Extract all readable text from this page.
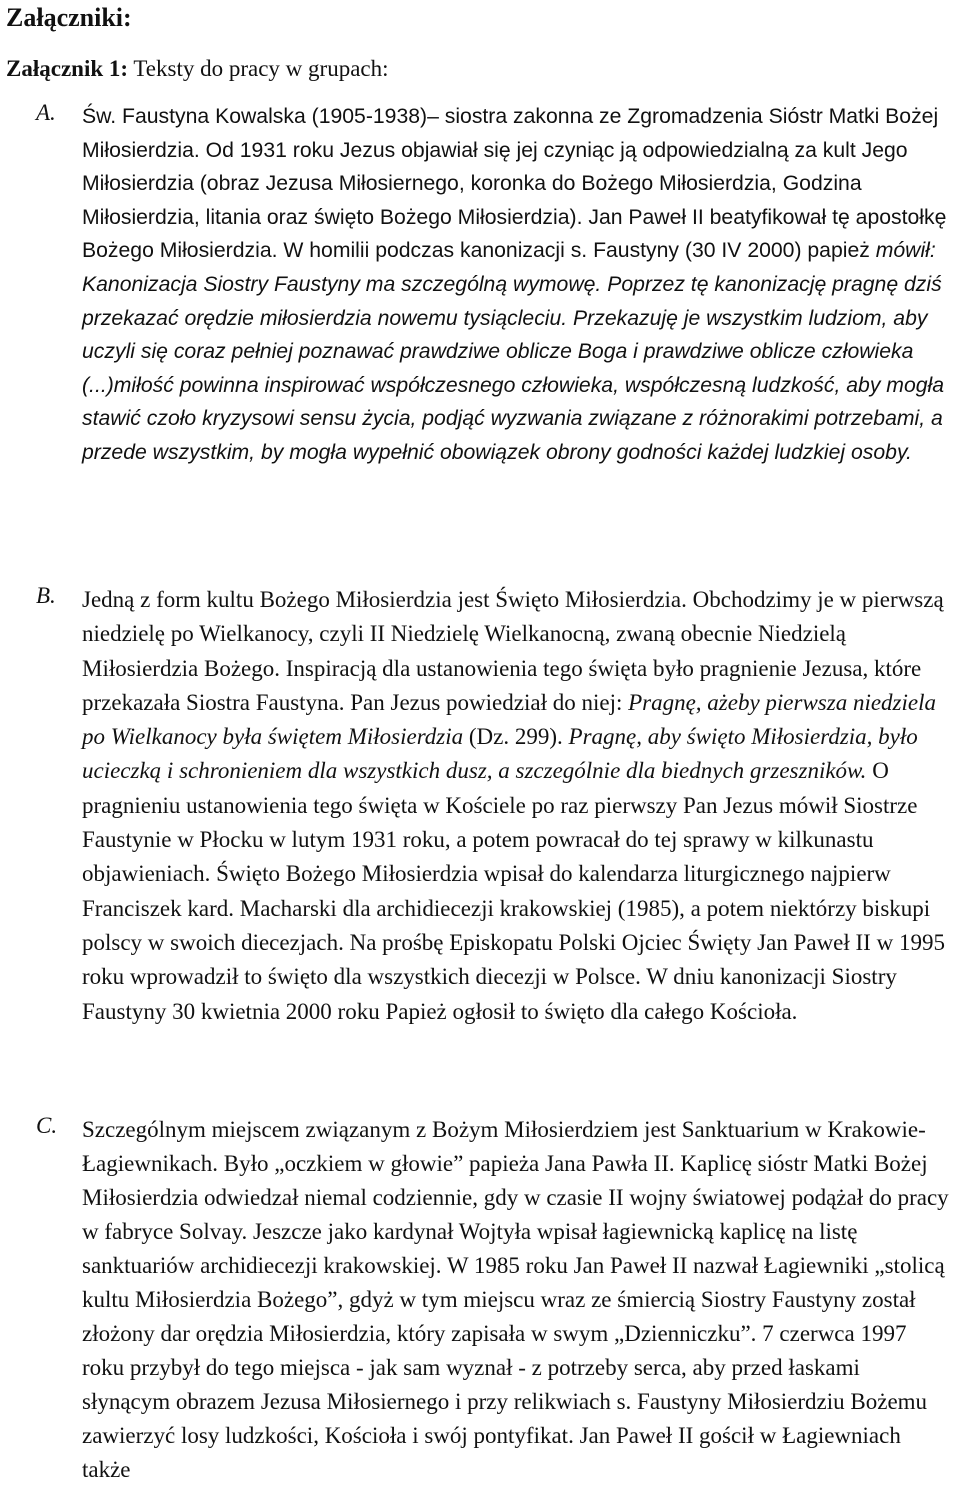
Załączniki:

Załącznik 1: Teksty do pracy w grupach:

A. Św. Faustyna Kowalska (1905-1938)– siostra zakonna ze Zgromadzenia Sióstr Matki Bożej Miłosierdzia. Od 1931 roku Jezus objawiał się jej czyniąc ją odpowiedzialną za kult Jego Miłosierdzia (obraz Jezusa Miłosiernego, koronka do Bożego Miłosierdzia, Godzina Miłosierdzia, litania oraz święto Bożego Miłosierdzia). Jan Paweł II beatyfikował tę apostołkę Bożego Miłosierdzia. W homilii podczas kanonizacji s. Faustyny (30 IV 2000) papież mówił: Kanonizacja Siostry Faustyny ma szczególną wymowę. Poprzez tę kanonizację pragnę dziś przekazać orędzie miłosierdzia nowemu tysiącleciu. Przekazuję je wszystkim ludziom, aby uczyli się coraz pełniej poznawać prawdziwe oblicze Boga i prawdziwe oblicze człowieka (...)miłość powinna inspirować współczesnego człowieka, współczesną ludzkość, aby mogła stawić czoło kryzysowi sensu życia, podjąć wyzwania związane z różnorakimi potrzebami, a przede wszystkim, by mogła wypełnić obowiązek obrony godności każdej ludzkiej osoby.
B. Jedną z form kultu Bożego Miłosierdzia jest Święto Miłosierdzia. Obchodzimy je w pierwszą niedzielę po Wielkanocy, czyli II Niedzielę Wielkanocną, zwaną obecnie Niedzielą Miłosierdzia Bożego. Inspiracją dla ustanowienia tego święta było pragnienie Jezusa, które przekazała Siostra Faustyna. Pan Jezus powiedział do niej: Pragnę, ażeby pierwsza niedziela po Wielkanocy była świętem Miłosierdzia (Dz. 299). Pragnę, aby święto Miłosierdzia, było ucieczką i schronieniem dla wszystkich dusz, a szczególnie dla biednych grzeszników. O pragnieniu ustanowienia tego święta w Kościele po raz pierwszy Pan Jezus mówił Siostrze Faustynie w Płocku w lutym 1931 roku, a potem powracał do tej sprawy w kilkunastu objawieniach. Święto Bożego Miłosierdzia wpisał do kalendarza liturgicznego najpierw Franciszek kard. Macharski dla archidiecezji krakowskiej (1985), a potem niektórzy biskupi polscy w swoich diecezjach. Na prośbę Episkopatu Polski Ojciec Święty Jan Paweł II w 1995 roku wprowadził to święto dla wszystkich diecezji w Polsce. W dniu kanonizacji Siostry Faustyny 30 kwietnia 2000 roku Papież ogłosił to święto dla całego Kościoła.
C. Szczególnym miejscem związanym z Bożym Miłosierdziem jest Sanktuarium w Krakowie-Łagiewnikach. Było „oczkiem w głowie” papieża Jana Pawła II. Kaplicę sióstr Matki Bożej Miłosierdzia odwiedzał niemal codziennie, gdy w czasie II wojny światowej podążał do pracy w fabryce Solvay. Jeszcze jako kardynał Wojtyła wpisał łagiewnicką kaplicę na listę sanktuariów archidiecezji krakowskiej. W 1985 roku Jan Paweł II nazwał Łagiewniki „stolicą kultu Miłosierdzia Bożego”, gdyż w tym miejscu wraz ze śmiercią Siostry Faustyny został złożony dar orędzia Miłosierdzia, który zapisała w swym „Dzienniczku”. 7 czerwca 1997 roku przybył do tego miejsca - jak sam wyznał - z potrzeby serca, aby przed łaskami słynącym obrazem Jezusa Miłosiernego i przy relikwiach s. Faustyny Miłosierdziu Bożemu zawierzyć losy ludzkości, Kościoła i swój pontyfikat. Jan Paweł II gościł w Łagiewniach także
